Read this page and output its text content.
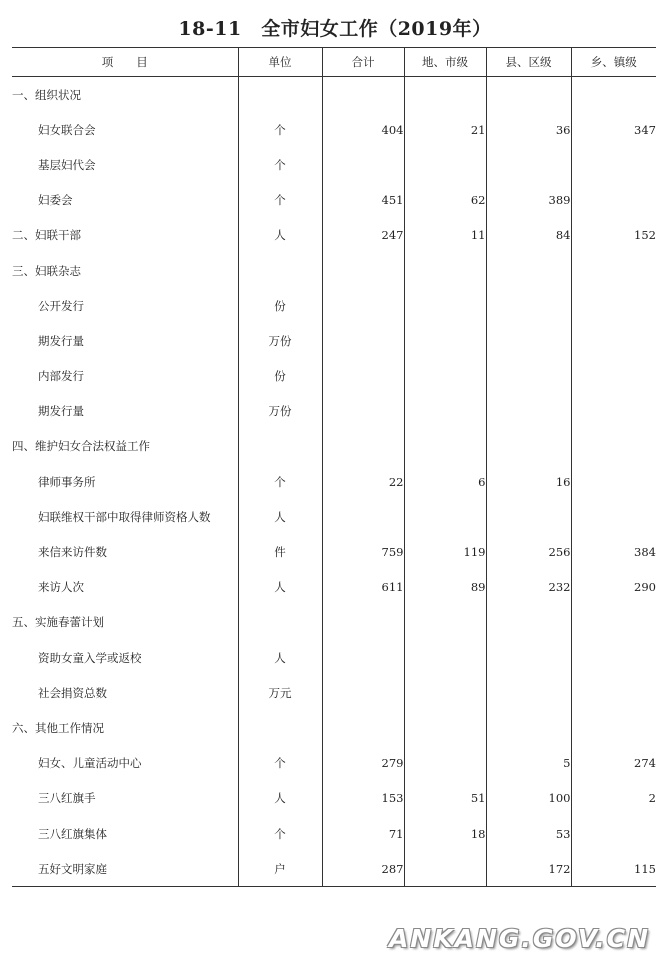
18-11　全市妇女工作（2019年）
项　　目	单位	合计	地、市级	县、区级	乡、镇级
一、组织状况					
妇女联合会	个	404	21	36	347
基层妇代会	个				
妇委会	个	451	62	389	
二、妇联干部	人	247	11	84	152
三、妇联杂志					
公开发行	份				
期发行量	万份				
内部发行	份				
期发行量	万份				
四、维护妇女合法权益工作					
律师事务所	个	22	6	16	
妇联维权干部中取得律师资格人数	人				
来信来访件数	件	759	119	256	384
来访人次	人	611	89	232	290
五、实施春蕾计划					
资助女童入学或返校	人				
社会捐资总数	万元				
六、其他工作情况					
妇女、儿童活动中心	个	279		5	274
三八红旗手	人	153	51	100	2
三八红旗集体	个	71	18	53	
五好文明家庭	户	287		172	115
ANKANG.GOV.CN
